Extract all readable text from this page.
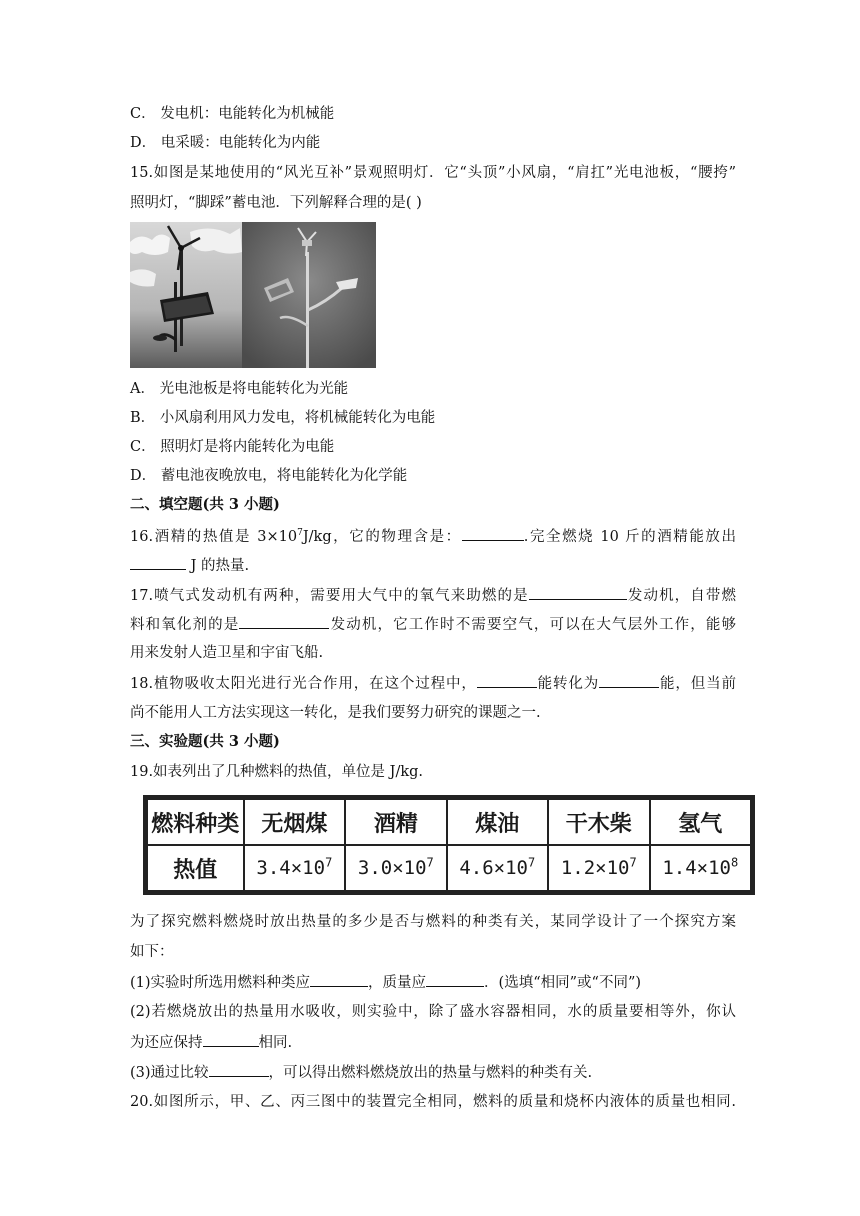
C． 发电机：电能转化为机械能
D． 电采暖：电能转化为内能
15.如图是某地使用的“风光互补”景观照明灯．它“头顶”小风扇，“肩扛”光电池板，“腰挎”
照明灯，“脚踩”蓄电池．下列解释合理的是( )
A． 光电池板是将电能转化为光能
B． 小风扇利用风力发电，将机械能转化为电能
C． 照明灯是将内能转化为电能
D． 蓄电池夜晚放电，将电能转化为化学能
二、填空题(共 3 小题)
16.酒精的热值是 $3\times 10^7J/kg$，它的物理含是：	.完全燃烧 10 斤的酒精能放出
J 的热量.
17.喷气式发动机有两种，需要用大气中的氧气来助燃的是	发动机，自带燃
料和氧化剂的是	发动机，它工作时不需要空气，可以在大气层外工作，能够
用来发射人造卫星和宇宙飞船.
18.植物吸收太阳光进行光合作用，在这个过程中，	能转化为	能，但当前
尚不能用人工方法实现这一转化，是我们要努力研究的课题之一.
三、实验题(共 3 小题)
19.如表列出了几种燃料的热值，单位是 J/kg.
燃料种类	无烟煤	酒精	煤油	干木柴	氢气
热值	$3.4\times 10^7$	$3.0\times 10^7$	$4.6\times 10^7$	$1.2\times 10^7$	$1.4\times 10^8$
为了探究燃料燃烧时放出热量的多少是否与燃料的种类有关，某同学设计了一个探究方案
如下：
(1)实验时所选用燃料种类应	，质量应	．(选填“相同”或“不同”)
(2)若燃烧放出的热量用水吸收，则实验中，除了盛水容器相同，水的质量要相等外，你认
为还应保持	相同.
(3)通过比较	，可以得出燃料燃烧放出的热量与燃料的种类有关.
20.如图所示，甲、乙、丙三图中的装置完全相同，燃料的质量和烧杯内液体的质量也相同.
